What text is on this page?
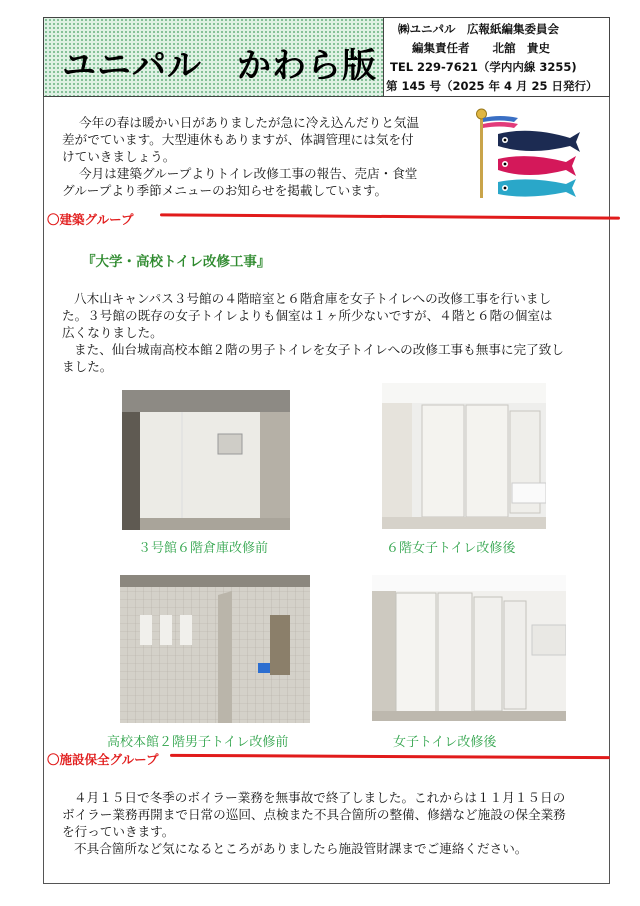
ユニパル　かわら版
㈱ユニパル　広報紙編集委員会
編集責任者　　北舘　貴史
TEL 229-7621（学内内線 3255)
第 145 号（2025 年 4 月 25 日発行）
今年の春は暖かい日がありましたが急に冷え込んだりと気温
差がでています。大型連休もありますが、体調管理には気を付
けていきましょう。
今月は建築グループよりトイレ改修工事の報告、売店・食堂
グループより季節メニューのお知らせを掲載しています。
〇建築グループ
『大学・高校トイレ改修工事』
八木山キャンパス３号館の４階暗室と６階倉庫を女子トイレへの改修工事を行いまし
た。３号館の既存の女子トイレよりも個室は１ヶ所少ないですが、４階と６階の個室は
広くなりました。
また、仙台城南高校本館２階の男子トイレを女子トイレへの改修工事も無事に完了致し
ました。
３号館６階倉庫改修前	６階女子トイレ改修後
高校本館２階男子トイレ改修前	女子トイレ改修後
〇施設保全グループ
４月１５日で冬季のボイラー業務を無事故で終了しました。これからは１１月１５日の
ボイラー業務再開まで日常の巡回、点検また不具合箇所の整備、修繕など施設の保全業務
を行っていきます。
不具合箇所など気になるところがありましたら施設管財課までご連絡ください。
